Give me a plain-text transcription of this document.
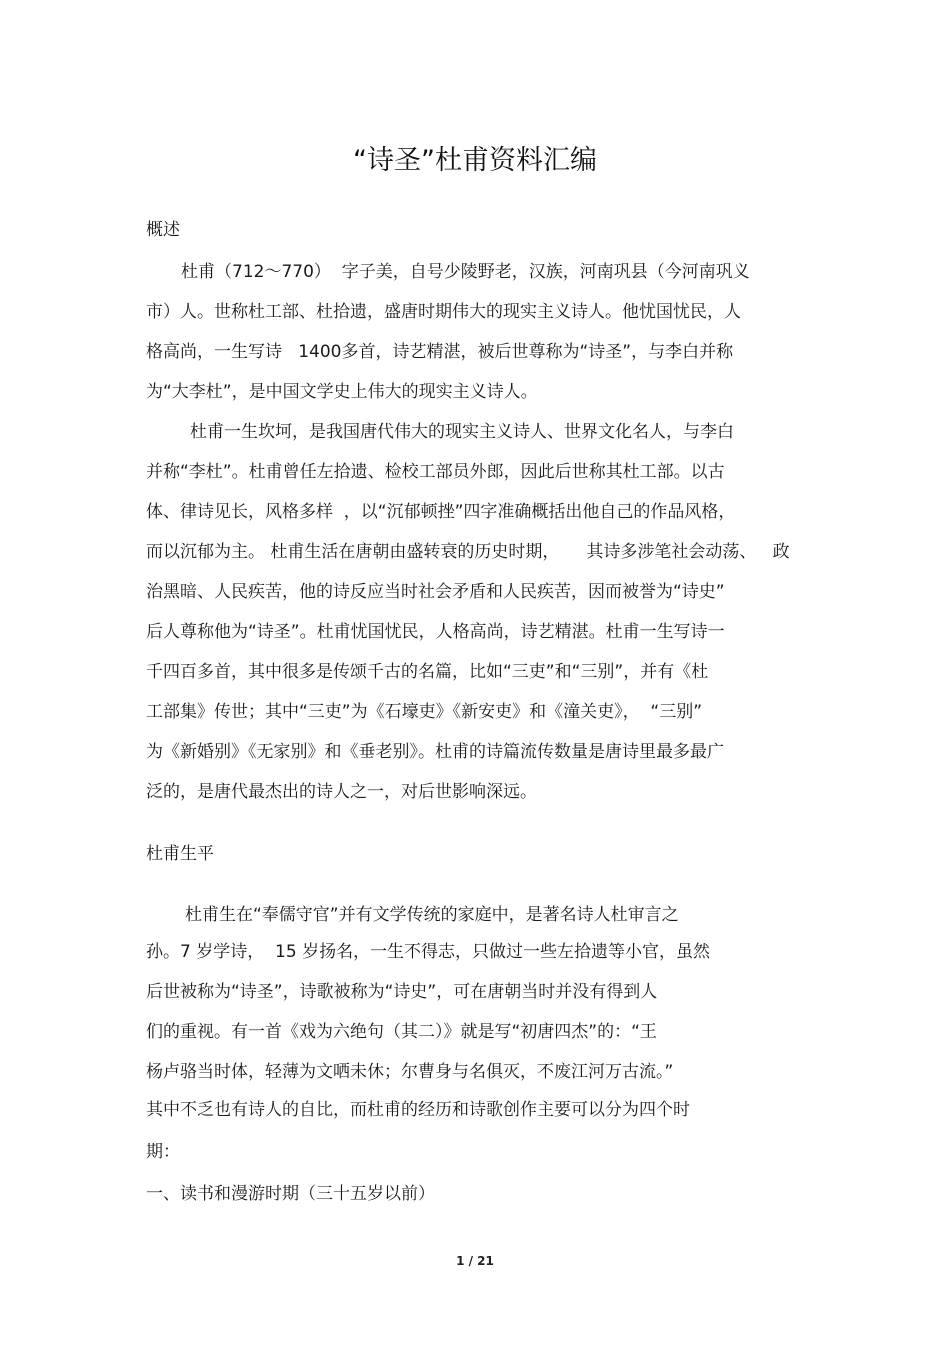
“诗圣”杜甫资料汇编
概述
杜甫（712～770）  字子美，自号少陵野老，汉族，河南巩县（今河南巩义
市）人。世称杜工部、杜拾遗，盛唐时期伟大的现实主义诗人。他忧国忧民，人
格高尚，一生写诗   1400多首，诗艺精湛，被后世尊称为“诗圣”，与李白并称
为“大李杜”，是中国文学史上伟大的现实主义诗人。
杜甫一生坎坷，是我国唐代伟大的现实主义诗人、世界文化名人，与李白
并称“李杜”。杜甫曾任左拾遗、检校工部员外郎，因此后世称其杜工部。以古
体、律诗见长，风格多样  ，以“沉郁顿挫”四字准确概括出他自己的作品风格，
而以沉郁为主。 杜甫生活在唐朝由盛转衰的历史时期，     其诗多涉笔社会动荡、   政
治黑暗、人民疾苦，他的诗反应当时社会矛盾和人民疾苦，因而被誉为“诗史”
后人尊称他为“诗圣”。杜甫忧国忧民，人格高尚，诗艺精湛。杜甫一生写诗一
千四百多首，其中很多是传颂千古的名篇，比如“三吏”和“三别”，并有《杜
工部集》传世；其中“三吏”为《石壕吏》《新安吏》和《潼关吏》，  “三别”
为《新婚别》《无家别》和《垂老别》。杜甫的诗篇流传数量是唐诗里最多最广
泛的，是唐代最杰出的诗人之一，对后世影响深远。
杜甫生平
杜甫生在“奉儒守官”并有文学传统的家庭中，是著名诗人杜审言之
孙。7 岁学诗，  15 岁扬名，一生不得志，只做过一些左拾遗等小官，虽然
后世被称为“诗圣”，诗歌被称为“诗史”，可在唐朝当时并没有得到人
们的重视。有一首《戏为六绝句（其二）》就是写“初唐四杰”的：“王
杨卢骆当时体，轻薄为文哂未休；尔曹身与名俱灭，不废江河万古流。”
其中不乏也有诗人的自比，而杜甫的经历和诗歌创作主要可以分为四个时
期：
一、读书和漫游时期（三十五岁以前）
1 / 21
